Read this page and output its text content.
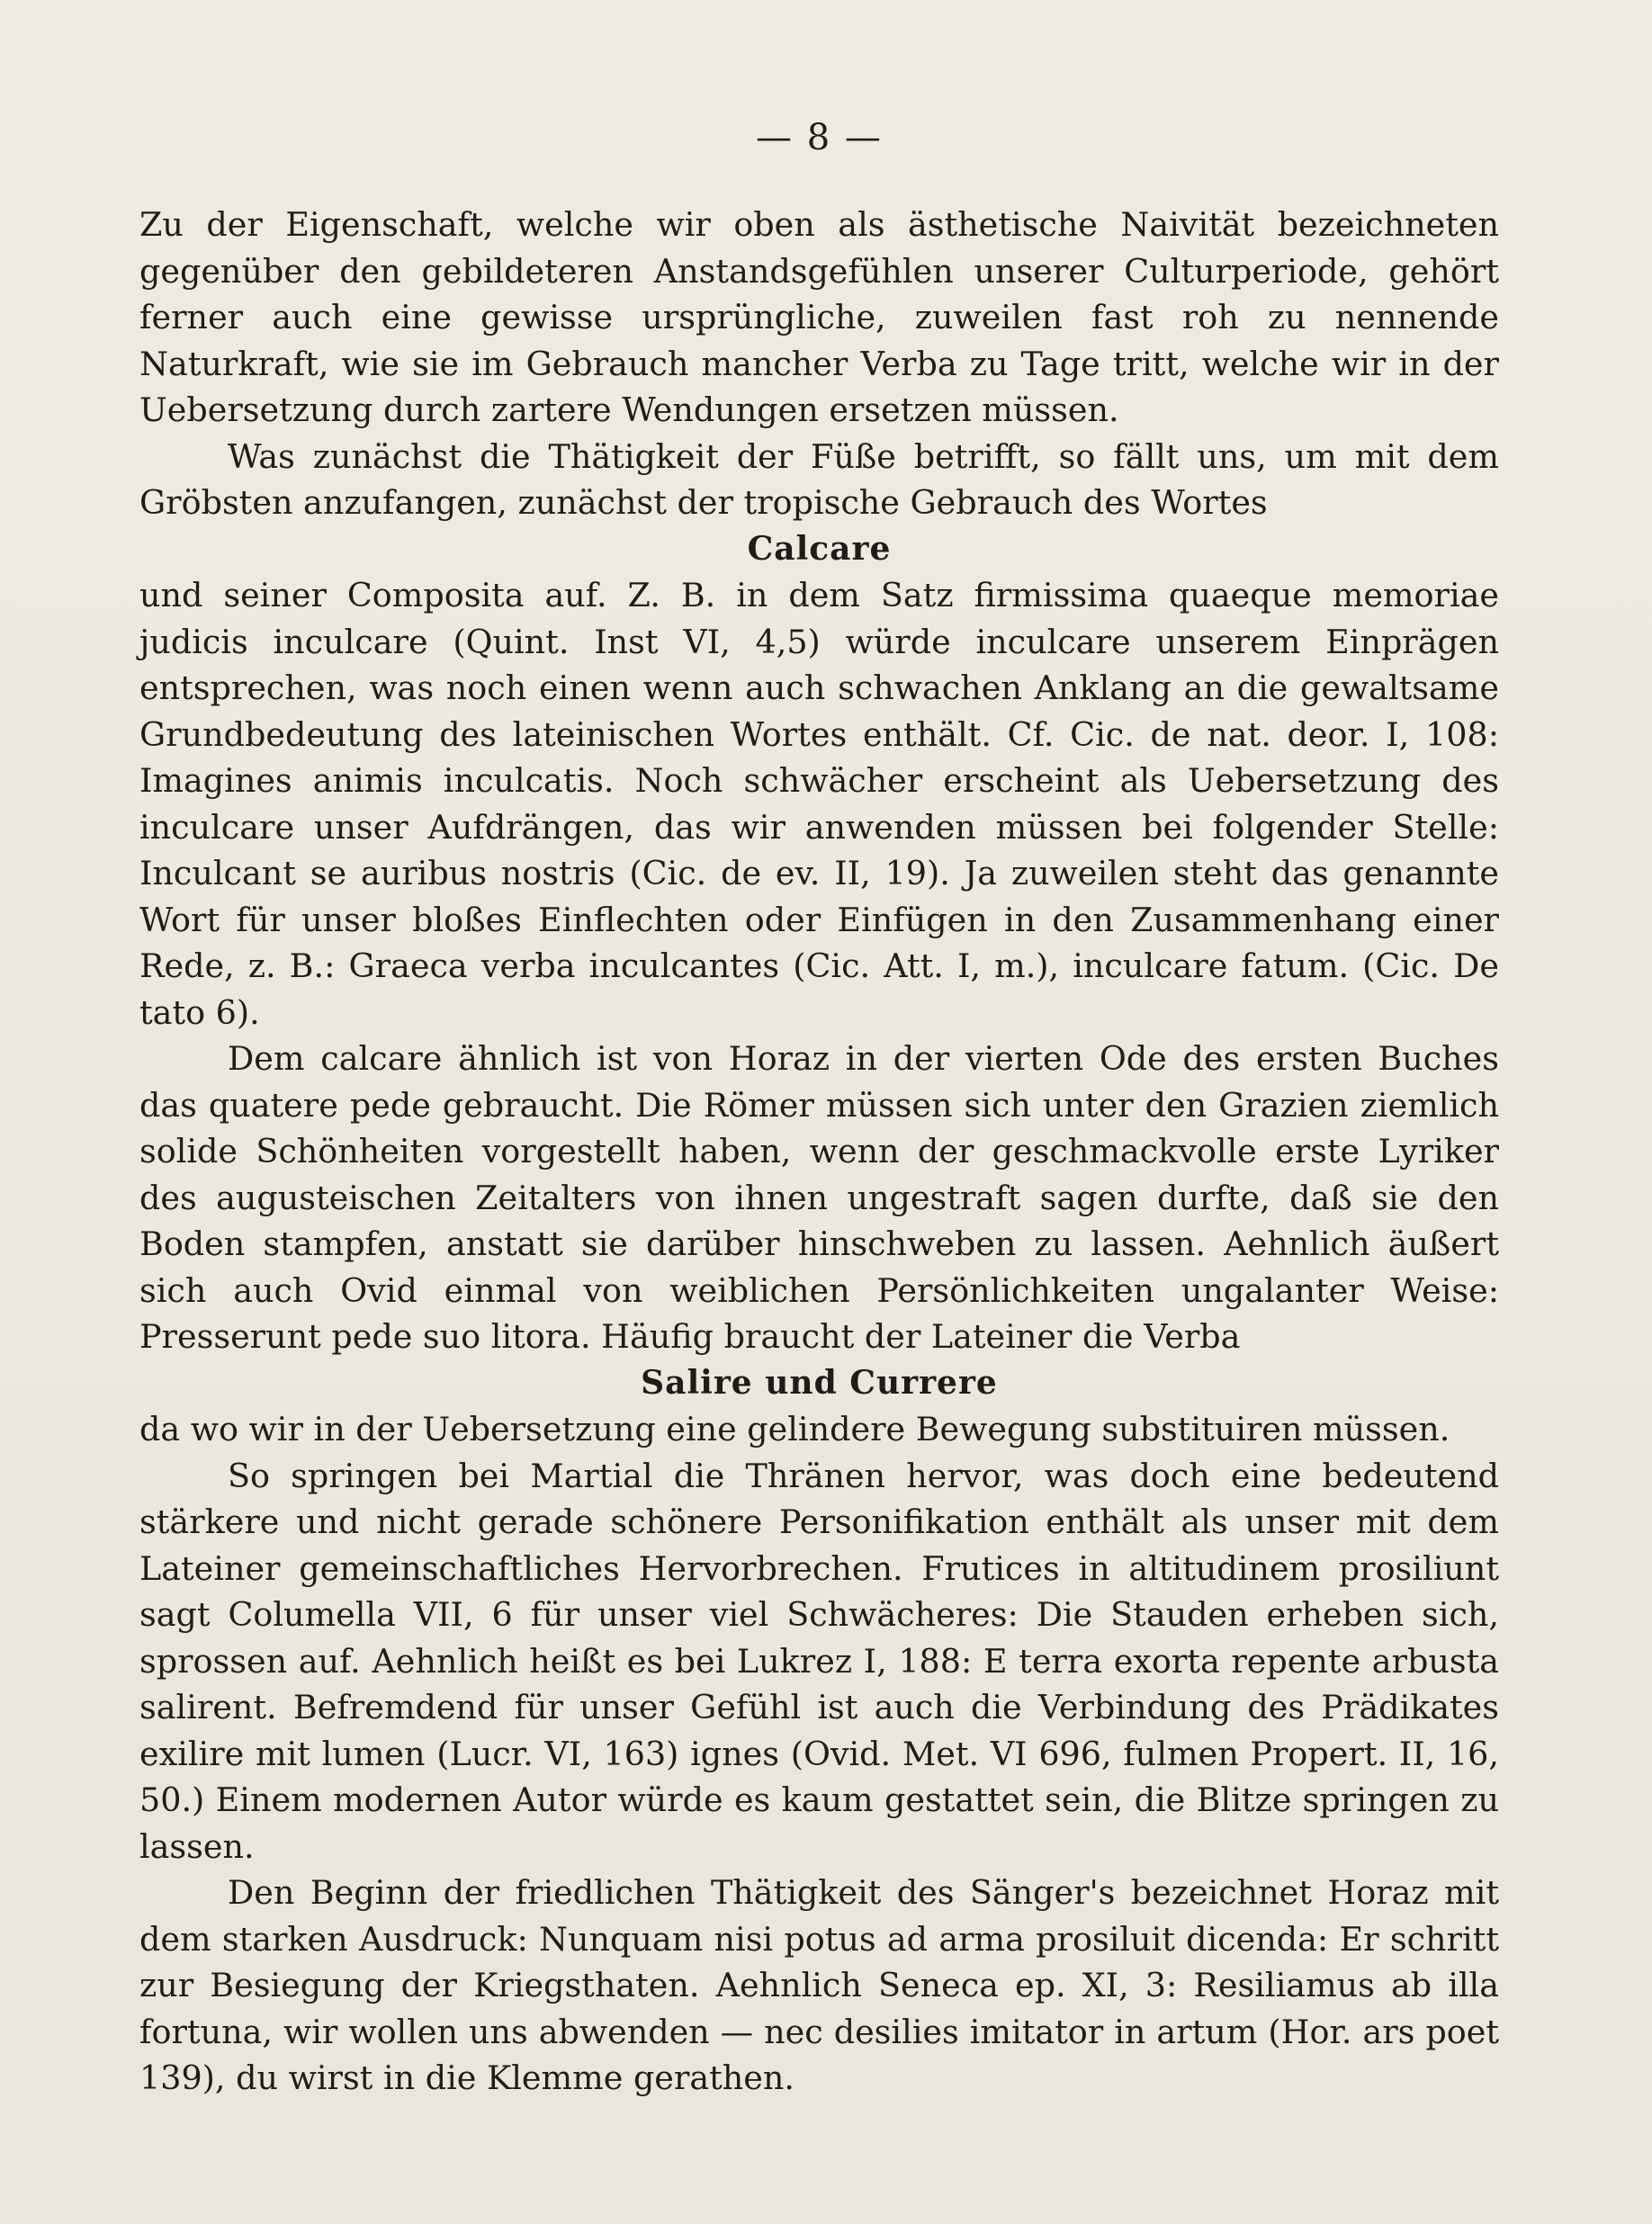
— 8 —

Zu der Eigenschaft, welche wir oben als ästhetische Naivität bezeichneten gegenüber den gebildeteren Anstandsgefühlen unserer Culturperiode, gehört ferner auch eine gewisse ursprüngliche, zuweilen fast roh zu nennende Naturkraft, wie sie im Gebrauch mancher Verba zu Tage tritt, welche wir in der Uebersetzung durch zartere Wendungen ersetzen müssen.

Was zunächst die Thätigkeit der Füße betrifft, so fällt uns, um mit dem Gröbsten anzufangen, zunächst der tropische Gebrauch des Wortes

Calcare

und seiner Composita auf. Z. B. in dem Satz firmissima quaeque memoriae judicis inculcare (Quint. Inst VI, 4,5) würde inculcare unserem Einprägen entsprechen, was noch einen wenn auch schwachen Anklang an die gewaltsame Grundbedeutung des lateinischen Wortes enthält. Cf. Cic. de nat. deor. I, 108: Imagines animis inculcatis. Noch schwächer erscheint als Uebersetzung des inculcare unser Aufdrängen, das wir anwenden müssen bei folgender Stelle: Inculcant se auribus nostris (Cic. de ev. II, 19). Ja zuweilen steht das genannte Wort für unser bloßes Einflechten oder Einfügen in den Zusammenhang einer Rede, z. B.: Graeca verba inculcantes (Cic. Att. I, m.), inculcare fatum. (Cic. De tato 6).

Dem calcare ähnlich ist von Horaz in der vierten Ode des ersten Buches das quatere pede gebraucht. Die Römer müssen sich unter den Grazien ziemlich solide Schönheiten vorgestellt haben, wenn der geschmackvolle erste Lyriker des augusteischen Zeitalters von ihnen ungestraft sagen durfte, daß sie den Boden stampfen, anstatt sie darüber hinschweben zu lassen. Aehnlich äußert sich auch Ovid einmal von weiblichen Persönlichkeiten ungalanter Weise: Presserunt pede suo litora. Häufig braucht der Lateiner die Verba

Salire und Currere

da wo wir in der Uebersetzung eine gelindere Bewegung substituiren müssen.

So springen bei Martial die Thränen hervor, was doch eine bedeutend stärkere und nicht gerade schönere Personifikation enthält als unser mit dem Lateiner gemeinschaftliches Hervorbrechen. Frutices in altitudinem prosiliunt sagt Columella VII, 6 für unser viel Schwächeres: Die Stauden erheben sich, sprossen auf. Aehnlich heißt es bei Lukrez I, 188: E terra exorta repente arbusta salirent. Befremdend für unser Gefühl ist auch die Verbindung des Prädikates exilire mit lumen (Lucr. VI, 163) ignes (Ovid. Met. VI 696, fulmen Propert. II, 16, 50.) Einem modernen Autor würde es kaum gestattet sein, die Blitze springen zu lassen.

Den Beginn der friedlichen Thätigkeit des Sänger's bezeichnet Horaz mit dem starken Ausdruck: Nunquam nisi potus ad arma prosiluit dicenda: Er schritt zur Besiegung der Kriegsthaten. Aehnlich Seneca ep. XI, 3: Resiliamus ab illa fortuna, wir wollen uns abwenden — nec desilies imitator in artum (Hor. ars poet 139), du wirst in die Klemme gerathen.
